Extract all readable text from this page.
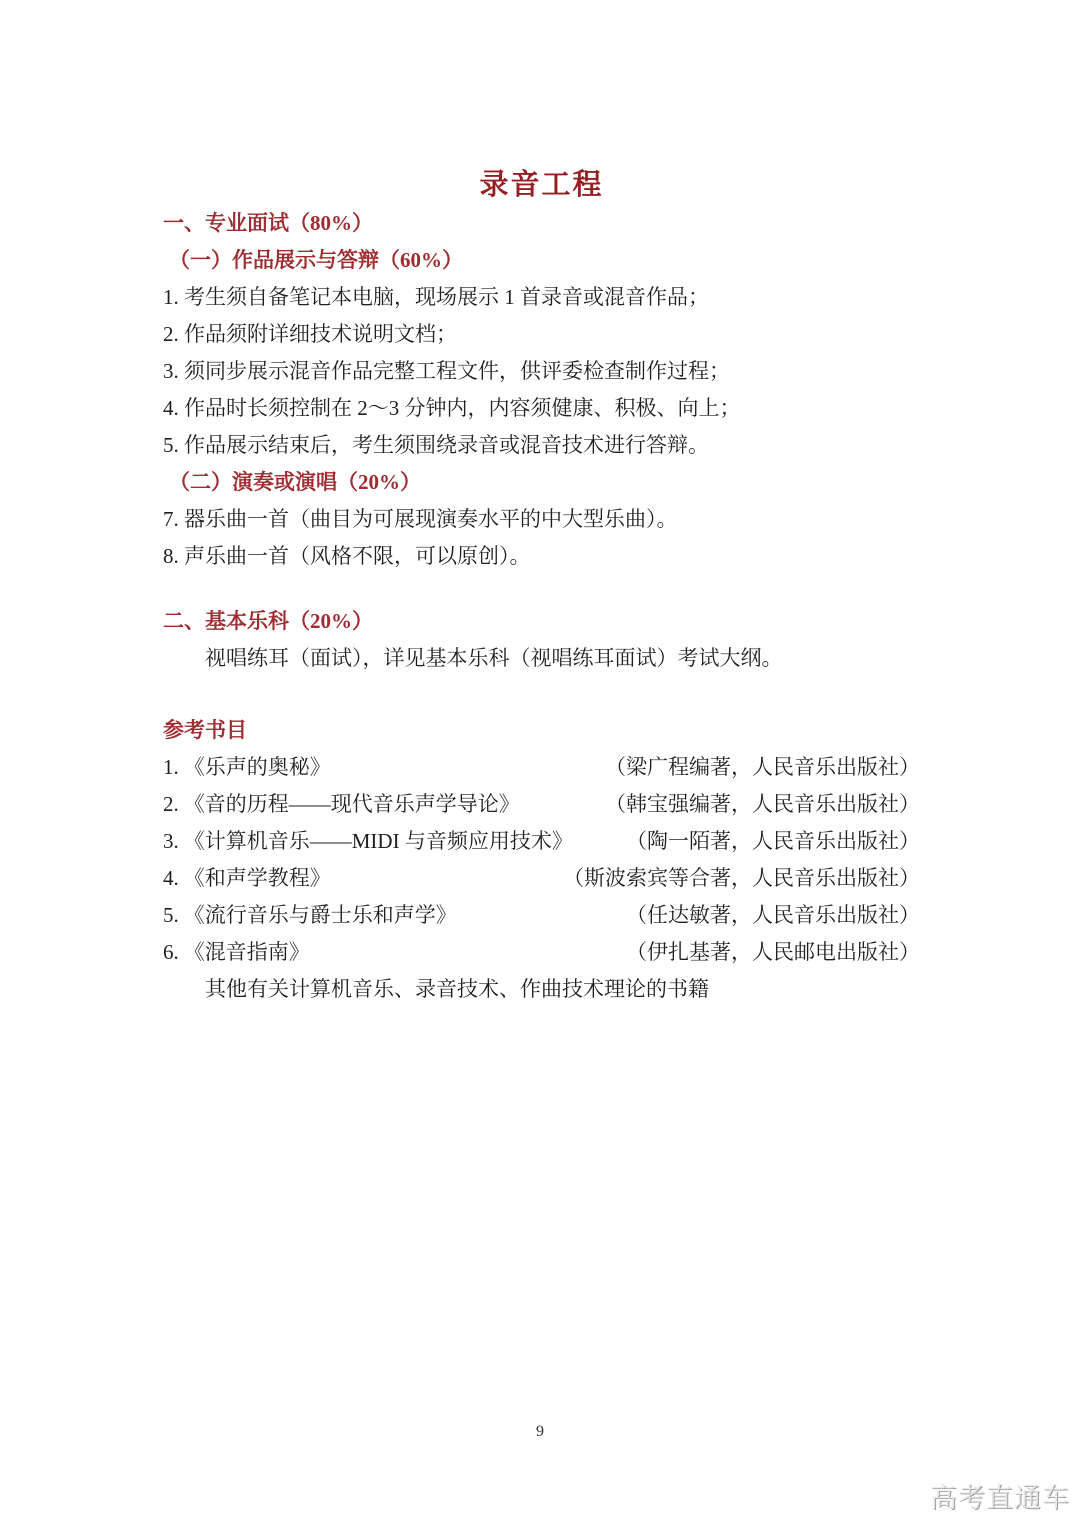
录音工程

一、专业面试（80%）

（一）作品展示与答辩（60%）

1. 考生须自备笔记本电脑，现场展示 1 首录音或混音作品；

2. 作品须附详细技术说明文档；

3. 须同步展示混音作品完整工程文件，供评委检查制作过程；

4. 作品时长须控制在 2～3 分钟内，内容须健康、积极、向上；

5. 作品展示结束后，考生须围绕录音或混音技术进行答辩。

（二）演奏或演唱（20%）

7. 器乐曲一首（曲目为可展现演奏水平的中大型乐曲）。

8. 声乐曲一首（风格不限，可以原创）。

二、基本乐科（20%）

视唱练耳（面试），详见基本乐科（视唱练耳面试）考试大纲。

参考书目

1. 《乐声的奥秘》	（梁广程编著，人民音乐出版社）
2. 《音的历程——现代音乐声学导论》	（韩宝强编著，人民音乐出版社）
3. 《计算机音乐——MIDI 与音频应用技术》	（陶一陌著，人民音乐出版社）
4. 《和声学教程》	（斯波索宾等合著，人民音乐出版社）
5. 《流行音乐与爵士乐和声学》	（任达敏著，人民音乐出版社）
6. 《混音指南》	（伊扎基著，人民邮电出版社）

其他有关计算机音乐、录音技术、作曲技术理论的书籍

9
高考直通车
